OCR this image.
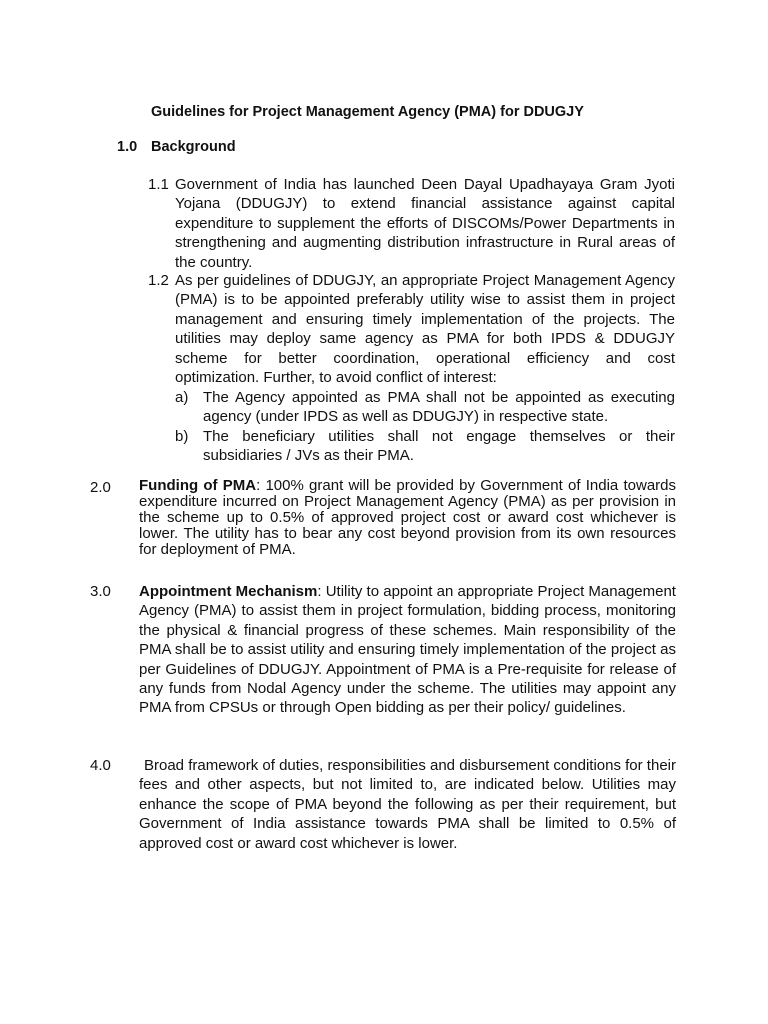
Guidelines for Project Management Agency (PMA) for DDUGJY
1.0 Background
1.1 Government of India has launched Deen Dayal Upadhayaya Gram Jyoti Yojana (DDUGJY) to extend financial assistance against capital expenditure to supplement the efforts of DISCOMs/Power Departments in strengthening and augmenting distribution infrastructure in Rural areas of the country.
1.2 As per guidelines of DDUGJY, an appropriate Project Management Agency (PMA) is to be appointed preferably utility wise to assist them in project management and ensuring timely implementation of the projects. The utilities may deploy same agency as PMA for both IPDS & DDUGJY scheme for better coordination, operational efficiency and cost optimization. Further, to avoid conflict of interest:
a) The Agency appointed as PMA shall not be appointed as executing agency (under IPDS as well as DDUGJY) in respective state.
b) The beneficiary utilities shall not engage themselves or their subsidiaries / JVs as their PMA.
2.0 Funding of PMA: 100% grant will be provided by Government of India towards expenditure incurred on Project Management Agency (PMA) as per provision in the scheme up to 0.5% of approved project cost or award cost whichever is lower. The utility has to bear any cost beyond provision from its own resources for deployment of PMA.
3.0 Appointment Mechanism: Utility to appoint an appropriate Project Management Agency (PMA) to assist them in project formulation, bidding process, monitoring the physical & financial progress of these schemes. Main responsibility of the PMA shall be to assist utility and ensuring timely implementation of the project as per Guidelines of DDUGJY. Appointment of PMA is a Pre-requisite for release of any funds from Nodal Agency under the scheme. The utilities may appoint any PMA from CPSUs or through Open bidding as per their policy/ guidelines.
4.0	Broad framework of duties, responsibilities and disbursement conditions for their fees and other aspects, but not limited to, are indicated below. Utilities may enhance the scope of PMA beyond the following as per their requirement, but Government of India assistance towards PMA shall be limited to 0.5% of approved cost or award cost whichever is lower.
